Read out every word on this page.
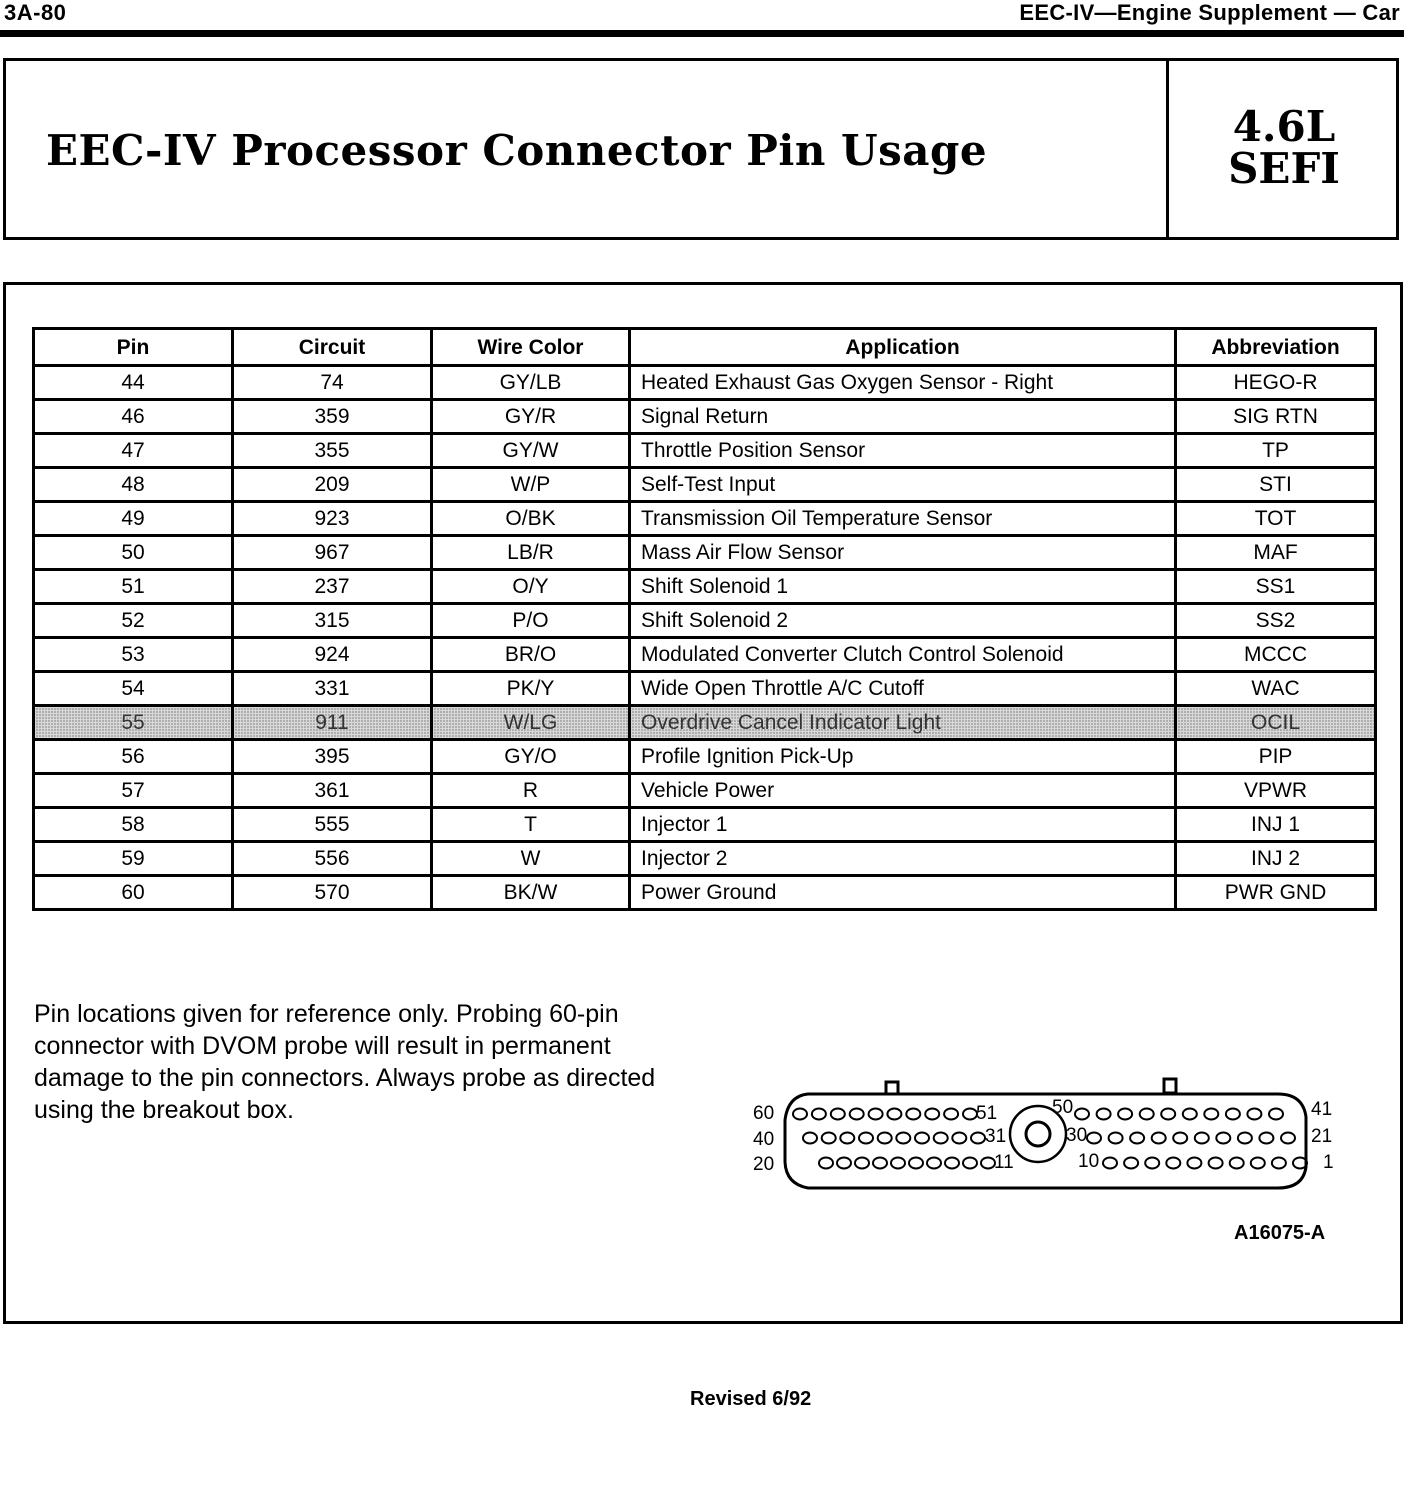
3A-80	EEC-IV—Engine Supplement — Car
EEC-IV Processor Connector Pin Usage	4.6L
SEFI
Pin	Circuit	Wire Color	Application	Abbreviation
44	74	GY/LB	Heated Exhaust Gas Oxygen Sensor - Right	HEGO-R
46	359	GY/R	Signal Return	SIG RTN
47	355	GY/W	Throttle Position Sensor	TP
48	209	W/P	Self-Test Input	STI
49	923	O/BK	Transmission Oil Temperature Sensor	TOT
50	967	LB/R	Mass Air Flow Sensor	MAF
51	237	O/Y	Shift Solenoid 1	SS1
52	315	P/O	Shift Solenoid 2	SS2
53	924	BR/O	Modulated Converter Clutch Control Solenoid	MCCC
54	331	PK/Y	Wide Open Throttle A/C Cutoff	WAC
55	911	W/LG	Overdrive Cancel Indicator Light	OCIL
56	395	GY/O	Profile Ignition Pick-Up	PIP
57	361	R	Vehicle Power	VPWR
58	555	T	Injector 1	INJ 1
59	556	W	Injector 2	INJ 2
60	570	BK/W	Power Ground	PWR GND
Pin locations given for reference only. Probing 60-pin connector with DVOM probe will result in permanent damage to the pin connectors. Always probe as directed using the breakout box.	60
40
20
41
21
1
51
31
11
50
30
10
A16075-A
Revised 6/92
